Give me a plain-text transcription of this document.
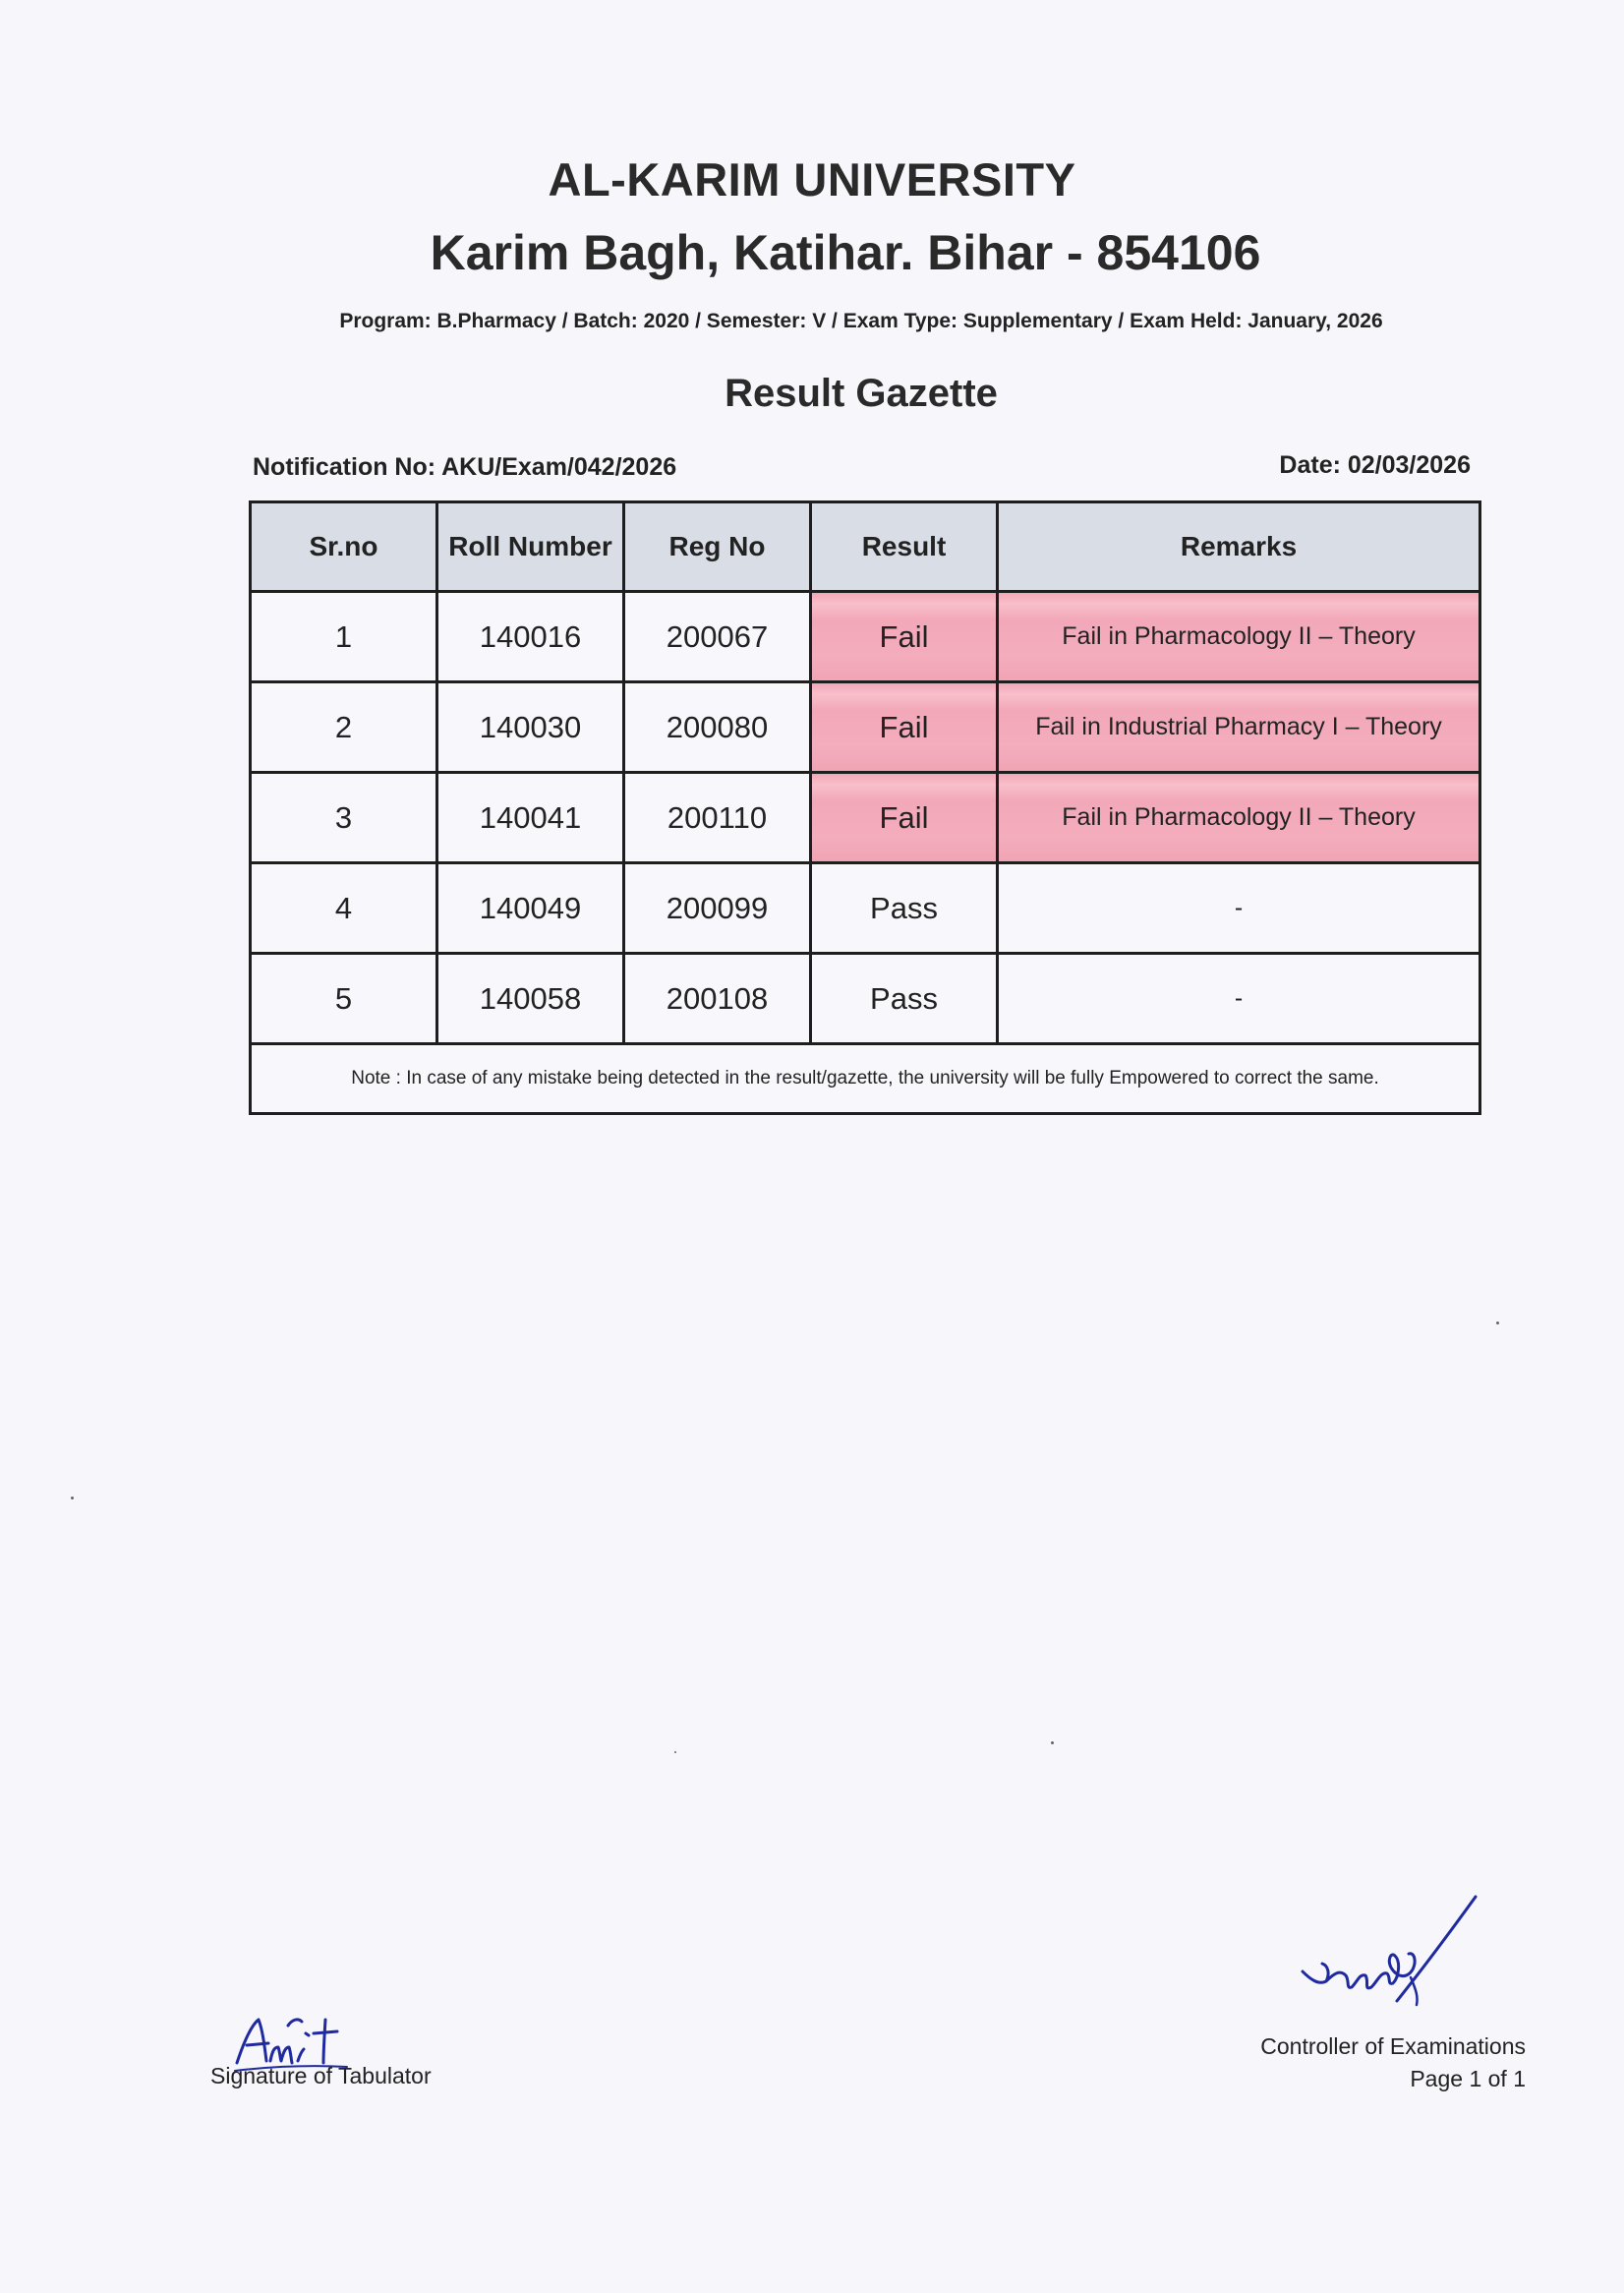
AL-KARIM UNIVERSITY
Karim Bagh, Katihar. Bihar - 854106
Program: B.Pharmacy / Batch: 2020 / Semester: V / Exam Type: Supplementary / Exam Held: January, 2026
Result Gazette
Notification No: AKU/Exam/042/2026	Date: 02/03/2026
Sr.no	Roll Number	Reg No	Result	Remarks
1	140016	200067	Fail	Fail in Pharmacology II – Theory
2	140030	200080	Fail	Fail in Industrial Pharmacy I – Theory
3	140041	200110	Fail	Fail in Pharmacology II – Theory
4	140049	200099	Pass	-
5	140058	200108	Pass	-
Note : In case of any mistake being detected in the result/gazette, the university will be fully Empowered to correct the same.				
Signature of Tabulator
Controller of Examinations
Page 1 of 1
